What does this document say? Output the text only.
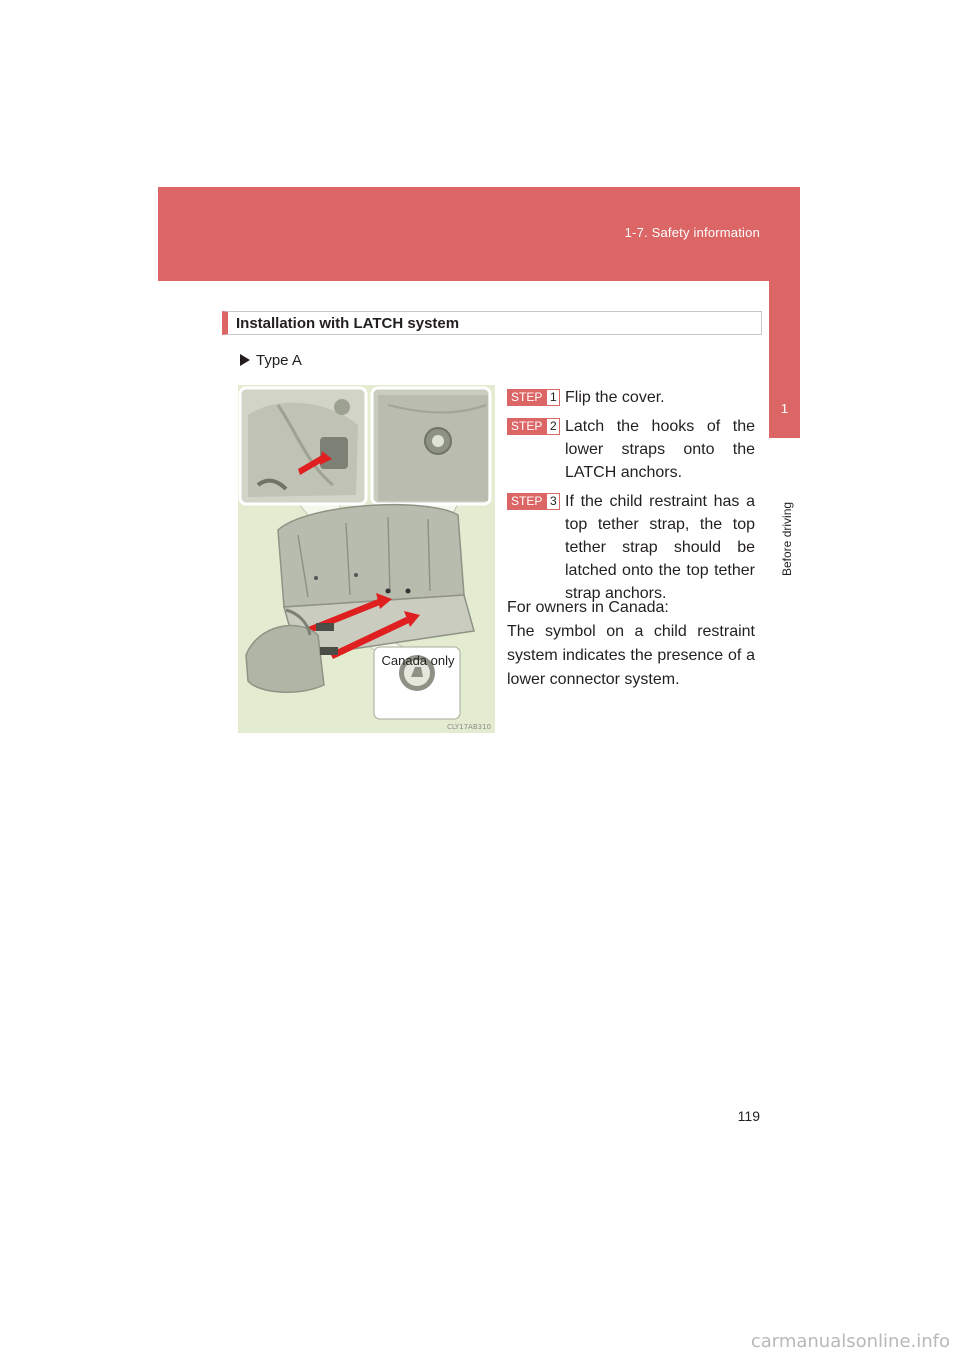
1-7. Safety information
1
Before driving
Installation with LATCH system
Type A
Canada only
CLY17AB310
STEP 1 Flip the cover.
STEP 2 Latch the hooks of the lower straps onto the LATCH anchors.
STEP 3 If the child restraint has a top tether strap, the top tether strap should be latched onto the top tether strap anchors.

For owners in Canada:

The symbol on a child restraint system indicates the presence of a lower connector system.

119
carmanualsonline.info
